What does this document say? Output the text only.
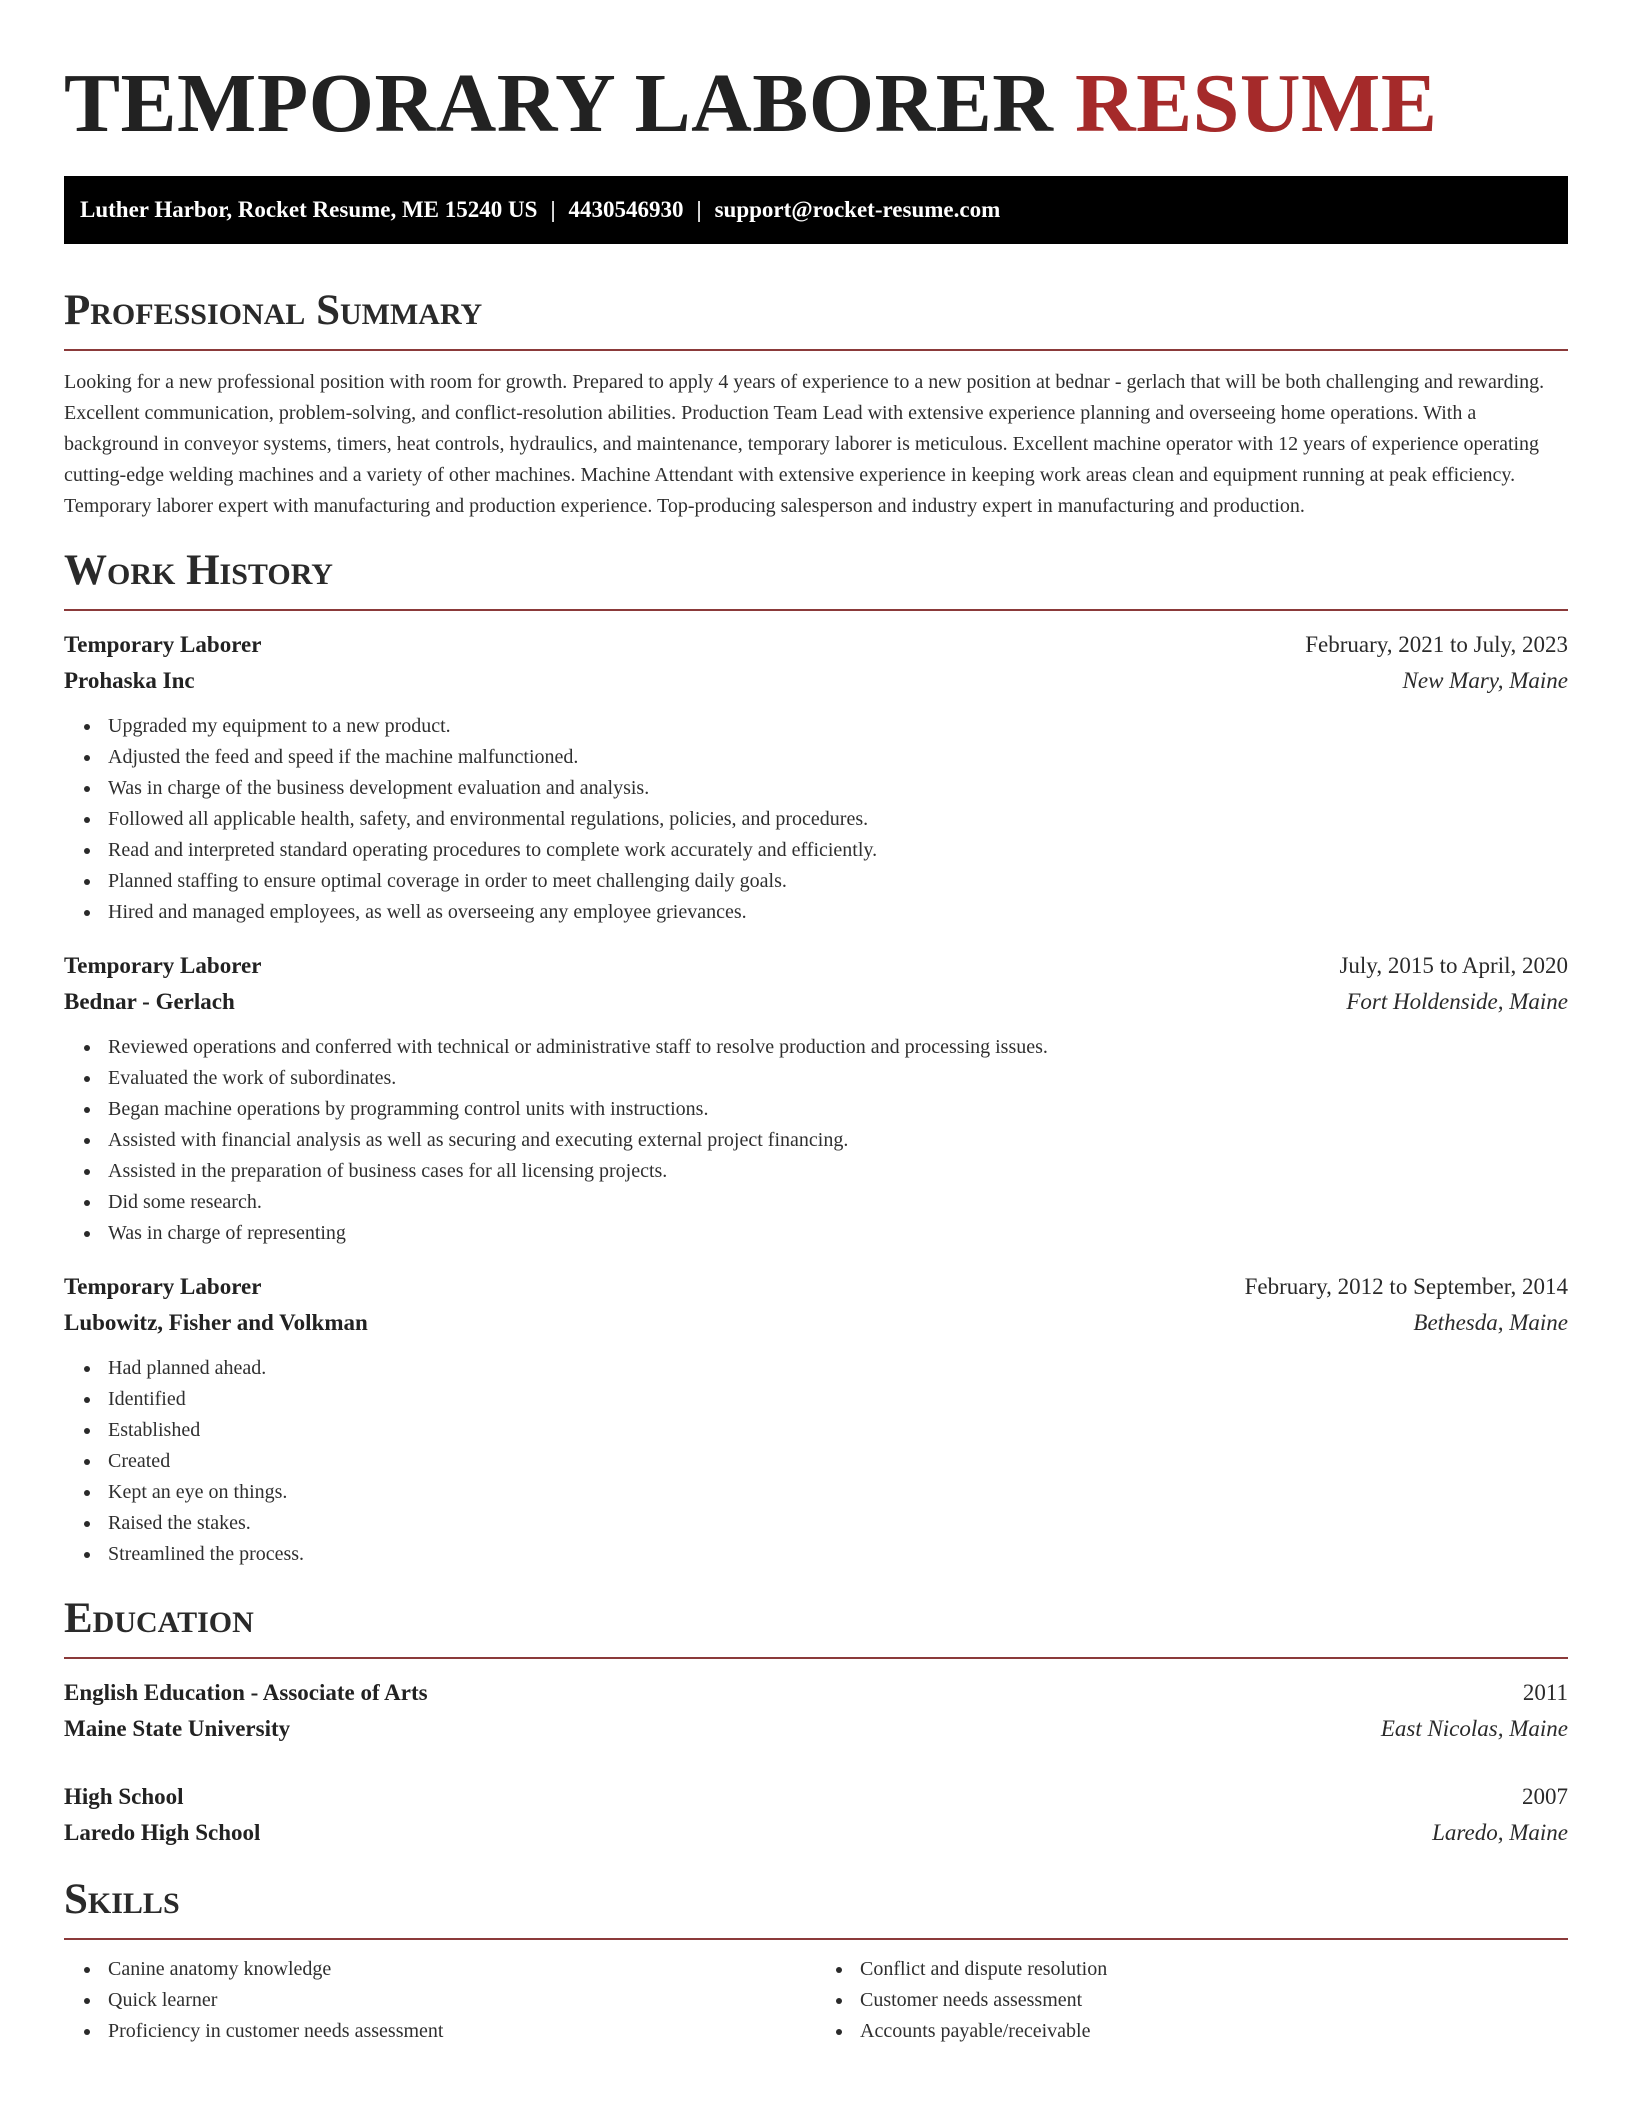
TEMPORARY LABORER RESUME
Luther Harbor, Rocket Resume, ME 15240 US | 4430546930 | support@rocket-resume.com
Professional Summary

Looking for a new professional position with room for growth. Prepared to apply 4 years of experience to a new position at bednar - gerlach that will be both challenging and rewarding. Excellent communication, problem-solving, and conflict-resolution abilities. Production Team Lead with extensive experience planning and overseeing home operations. With a background in conveyor systems, timers, heat controls, hydraulics, and maintenance, temporary laborer is meticulous. Excellent machine operator with 12 years of experience operating cutting-edge welding machines and a variety of other machines. Machine Attendant with extensive experience in keeping work areas clean and equipment running at peak efficiency. Temporary laborer expert with manufacturing and production experience. Top-producing salesperson and industry expert in manufacturing and production.

Work History
Temporary Laborer	February, 2021 to July, 2023
Prohaska Inc	New Mary, Maine
Upgraded my equipment to a new product.
Adjusted the feed and speed if the machine malfunctioned.
Was in charge of the business development evaluation and analysis.
Followed all applicable health, safety, and environmental regulations, policies, and procedures.
Read and interpreted standard operating procedures to complete work accurately and efficiently.
Planned staffing to ensure optimal coverage in order to meet challenging daily goals.
Hired and managed employees, as well as overseeing any employee grievances.
Temporary Laborer	July, 2015 to April, 2020
Bednar - Gerlach	Fort Holdenside, Maine
Reviewed operations and conferred with technical or administrative staff to resolve production and processing issues.
Evaluated the work of subordinates.
Began machine operations by programming control units with instructions.
Assisted with financial analysis as well as securing and executing external project financing.
Assisted in the preparation of business cases for all licensing projects.
Did some research.
Was in charge of representing
Temporary Laborer	February, 2012 to September, 2014
Lubowitz, Fisher and Volkman	Bethesda, Maine
Had planned ahead.
Identified
Established
Created
Kept an eye on things.
Raised the stakes.
Streamlined the process.
Education
English Education - Associate of Arts	2011
Maine State University	East Nicolas, Maine
High School	2007
Laredo High School	Laredo, Maine
Skills
Canine anatomy knowledge
Quick learner
Proficiency in customer needs assessment
Conflict and dispute resolution
Customer needs assessment
Accounts payable/receivable
